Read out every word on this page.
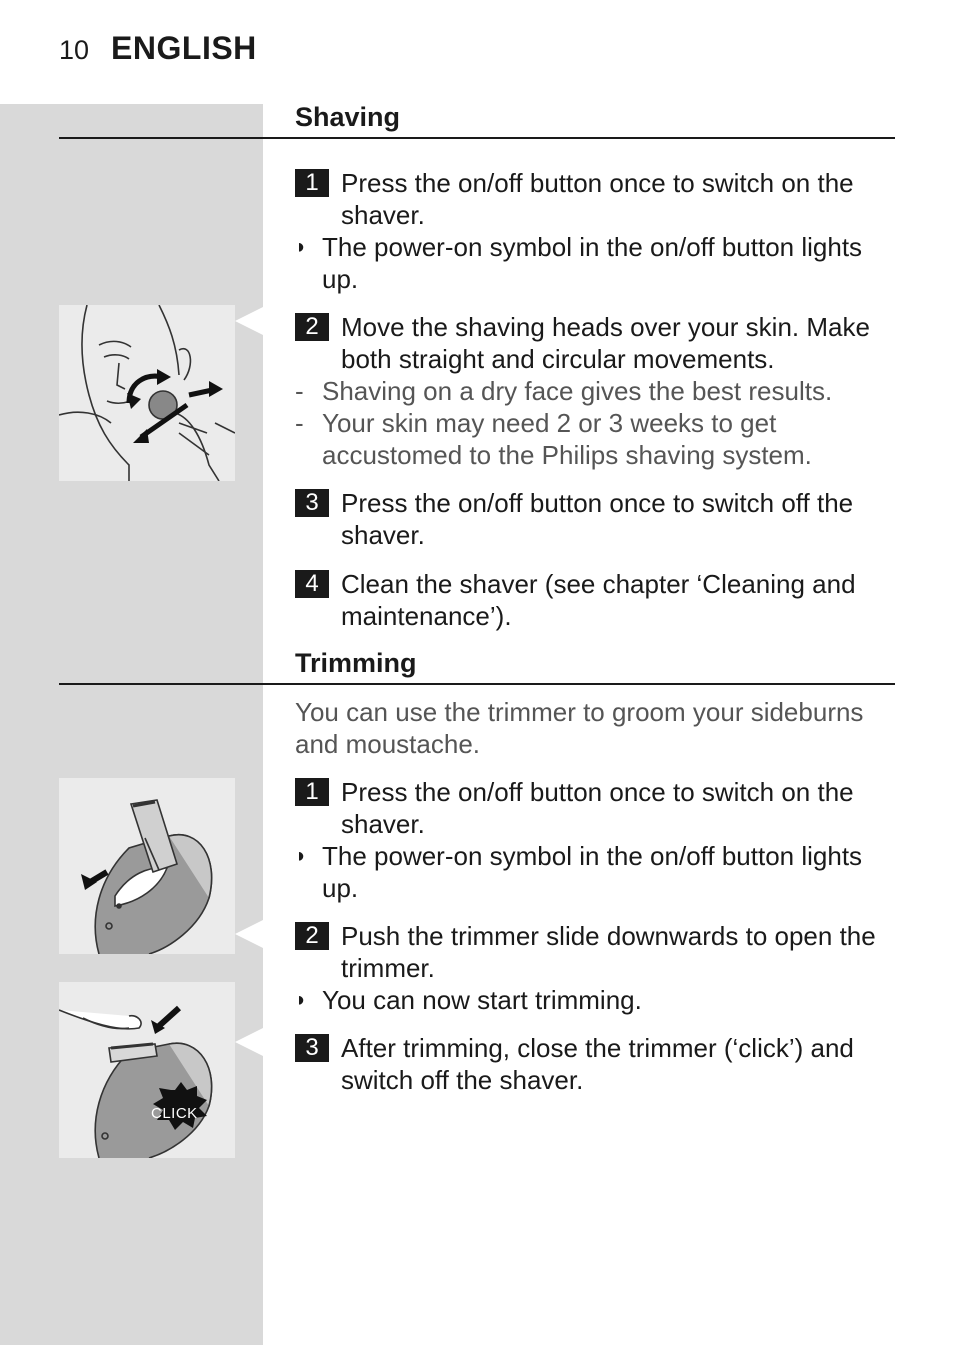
10 ENGLISH
Shaving
1 Press the on/off button once to switch on the shaver.
◗ The power-on symbol in the on/off button lights up.
2 Move the shaving heads over your skin. Make both straight and circular movements.
- Shaving on a dry face gives the best results.
- Your skin may need 2 or 3 weeks to get accustomed to the Philips shaving system.
3 Press the on/off button once to switch off the shaver.
4 Clean the shaver (see chapter ‘Cleaning and maintenance’).
Trimming
You can use the trimmer to groom your sideburns and moustache.
1 Press the on/off button once to switch on the shaver.
◗ The power-on symbol in the on/off button lights up.
2 Push the trimmer slide downwards to open the trimmer.
◗ You can now start trimming.
3 After trimming, close the trimmer (‘click’) and switch off the shaver.
CLICK
